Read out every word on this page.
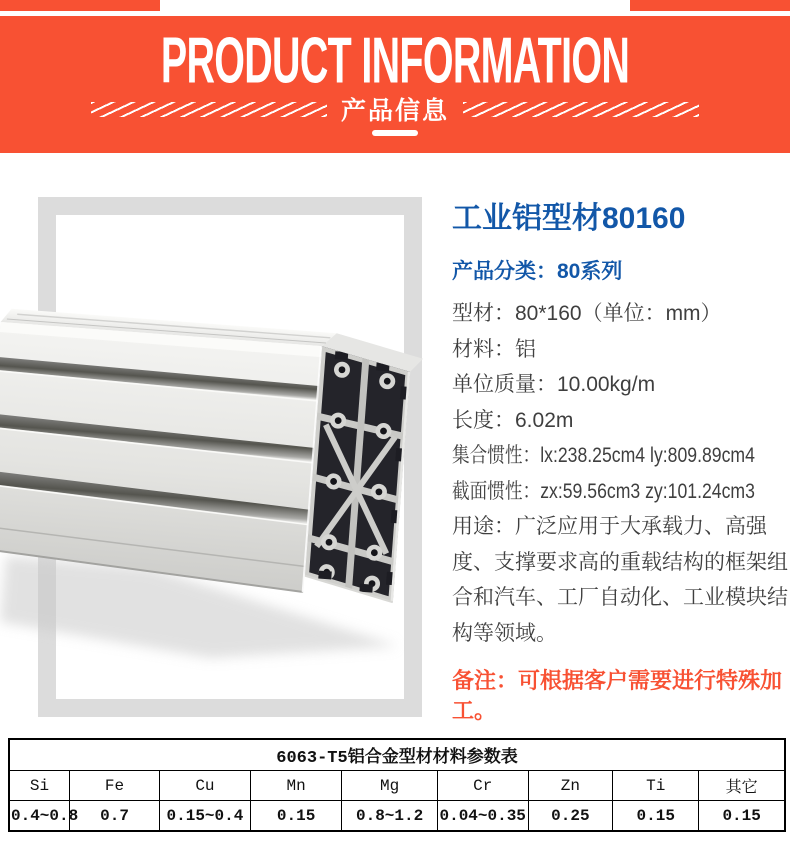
PRODUCT INFORMATION
产品信息
工业铝型材80160
产品分类：80系列
型材：80*160（单位：mm）
材料：铝
单位质量：10.00kg/m
长度：6.02m
集合惯性：lx:238.25cm4 ly:809.89cm4
截面惯性：zx:59.56cm3 zy:101.24cm3
用途：广泛应用于大承载力、高强度、支撑要求高的重载结构的框架组合和汽车、工厂自动化、工业模块结构等领域。
备注：可根据客户需要进行特殊加工。
6063-T5铝合金型材材料参数表								
Si	Fe	Cu	Mn	Mg	Cr	Zn	Ti	其它
0.4~0.8	0.7	0.15~0.4	0.15	0.8~1.2	0.04~0.35	0.25	0.15	0.15
